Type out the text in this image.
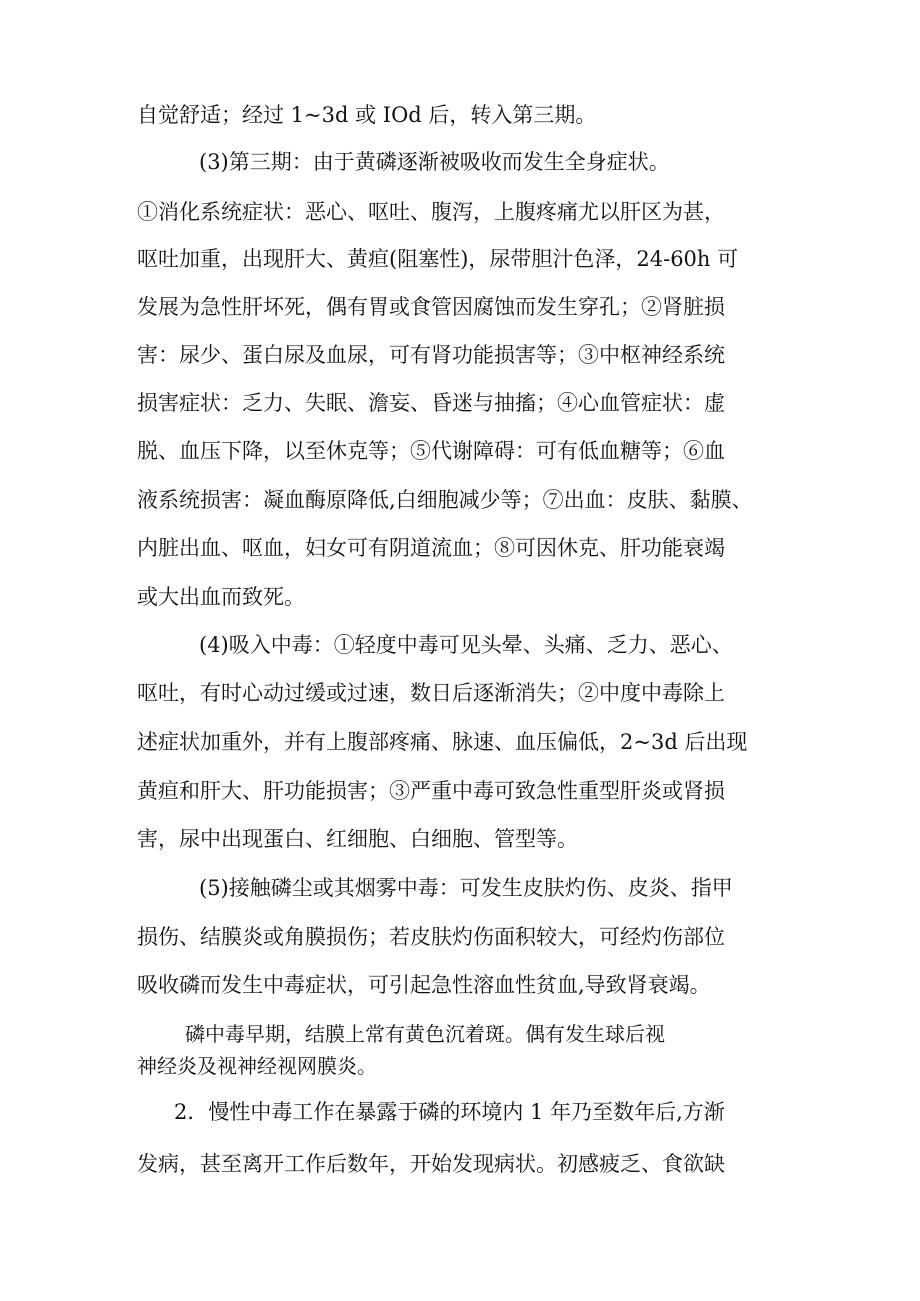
自觉舒适；经过 1~3d 或 IOd 后，转入第三期。
(3)第三期：由于黄磷逐渐被吸收而发生全身症状。
①消化系统症状：恶心、呕吐、腹泻，上腹疼痛尤以肝区为甚，
呕吐加重，出现肝大、黄疸(阻塞性)，尿带胆汁色泽，24-60h 可
发展为急性肝坏死，偶有胃或食管因腐蚀而发生穿孔；②肾脏损
害：尿少、蛋白尿及血尿，可有肾功能损害等；③中枢神经系统
损害症状：乏力、失眠、澹妄、昏迷与抽搐；④心血管症状：虚
脱、血压下降，以至休克等；⑤代谢障碍：可有低血糖等；⑥血
液系统损害：凝血酶原降低,白细胞减少等；⑦出血：皮肤、黏膜、
内脏出血、呕血，妇女可有阴道流血；⑧可因休克、肝功能衰竭
或大出血而致死。
(4)吸入中毒：①轻度中毒可见头晕、头痛、乏力、恶心、
呕吐，有时心动过缓或过速，数日后逐渐消失；②中度中毒除上
述症状加重外，并有上腹部疼痛、脉速、血压偏低，2~3d 后出现
黄疸和肝大、肝功能损害；③严重中毒可致急性重型肝炎或肾损
害，尿中出现蛋白、红细胞、白细胞、管型等。
(5)接触磷尘或其烟雾中毒：可发生皮肤灼伤、皮炎、指甲
损伤、结膜炎或角膜损伤；若皮肤灼伤面积较大，可经灼伤部位
吸收磷而发生中毒症状，可引起急性溶血性贫血,导致肾衰竭。
磷中毒早期，结膜上常有黄色沉着斑。偶有发生球后视
神经炎及视神经视网膜炎。
2．慢性中毒工作在暴露于磷的环境内 1 年乃至数年后,方渐
发病，甚至离开工作后数年，开始发现病状。初感疲乏、食欲缺
